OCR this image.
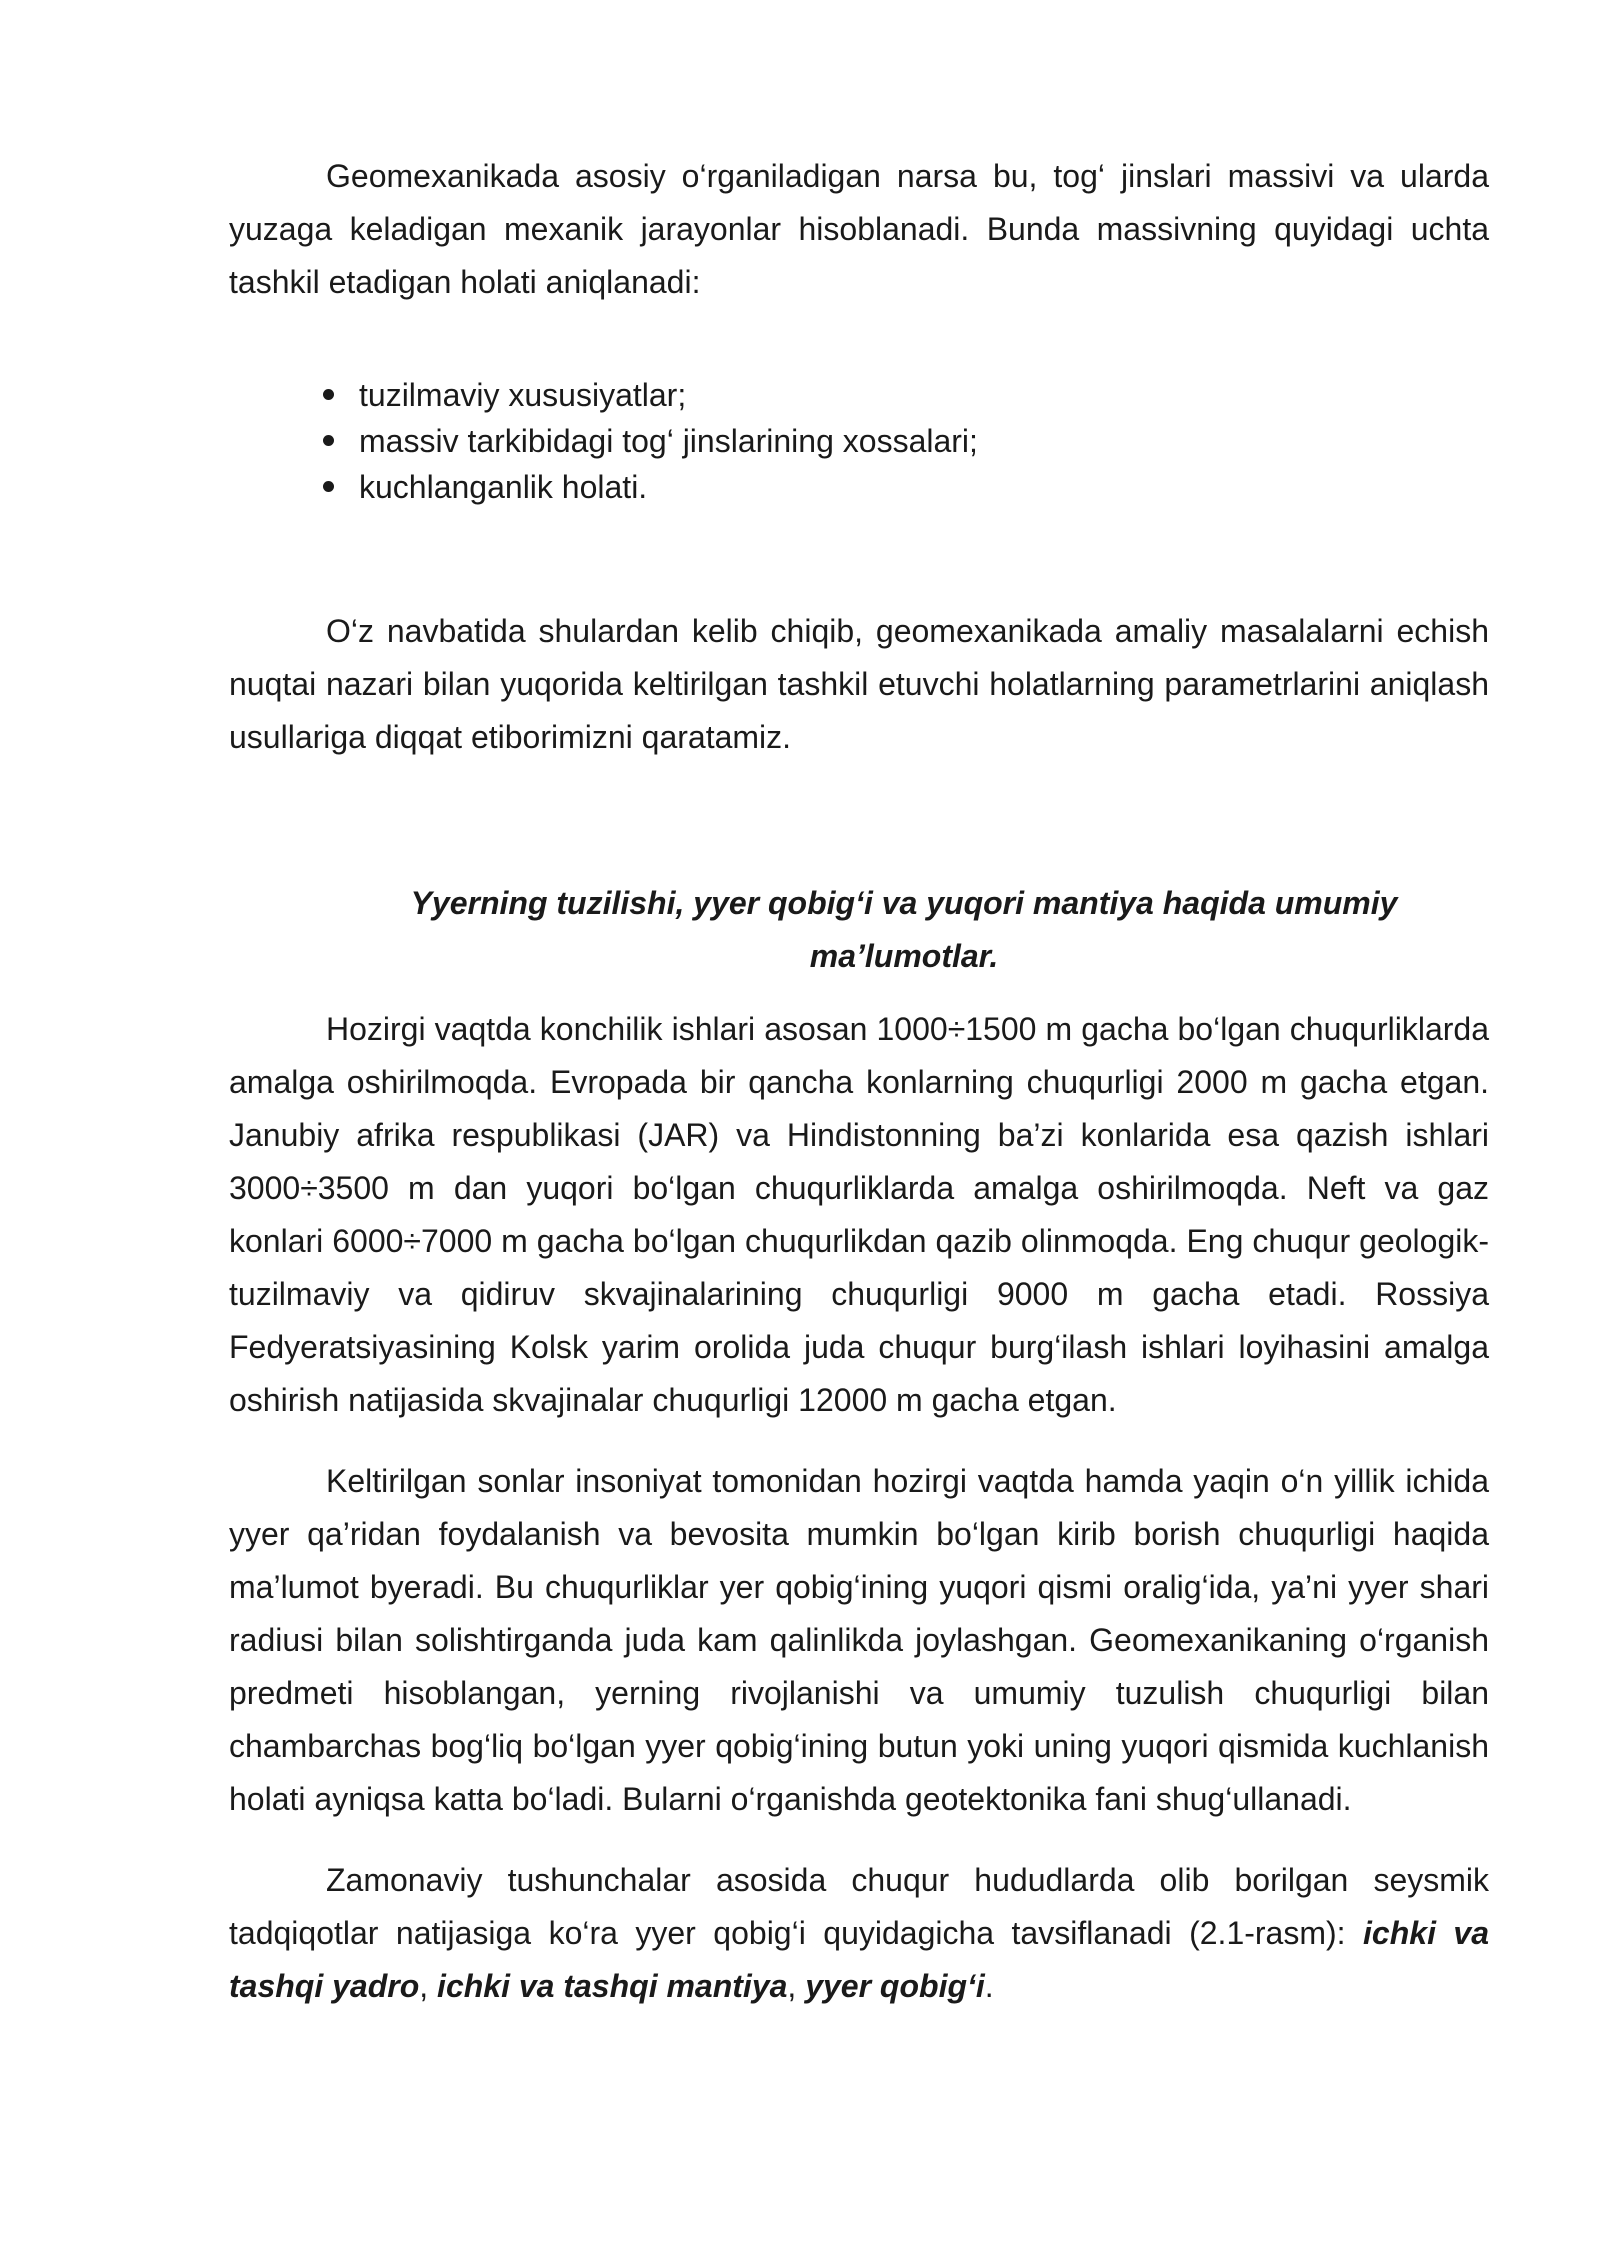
Geomexanikada asosiy o‘rganiladigan narsa bu, tog‘ jinslari massivi va ularda yuzaga keladigan mexanik jarayonlar hisoblanadi. Bunda massivning quyidagi uchta tashkil etadigan holati aniqlanadi:

tuzilmaviy xususiyatlar;
massiv tarkibidagi tog‘ jinslarining xossalari;
kuchlanganlik holati.

O‘z navbatida shulardan kelib chiqib, geomexanikada amaliy masalalarni echish nuqtai nazari bilan yuqorida keltirilgan tashkil etuvchi holatlarning parametrlarini aniqlash usullariga diqqat etiborimizni qaratamiz.

Yyerning tuzilishi, yyer qobig‘i va yuqori mantiya haqida umumiy ma’lumotlar.

Hozirgi vaqtda konchilik ishlari asosan 1000÷1500 m gacha bo‘lgan chuqurliklarda amalga oshirilmoqda. Evropada bir qancha konlarning chuqurligi 2000 m gacha etgan. Janubiy afrika respublikasi (JAR) va Hindistonning ba’zi konlarida esa qazish ishlari 3000÷3500 m dan yuqori bo‘lgan chuqurliklarda amalga oshirilmoqda. Neft va gaz konlari 6000÷7000 m gacha bo‘lgan chuqurlikdan qazib olinmoqda. Eng chuqur geologik-tuzilmaviy va qidiruv skvajinalarining chuqurligi 9000 m gacha etadi. Rossiya Fedyeratsiyasining Kolsk yarim orolida juda chuqur burg‘ilash ishlari loyihasini amalga oshirish natijasida skvajinalar chuqurligi 12000 m gacha etgan.

Keltirilgan sonlar insoniyat tomonidan hozirgi vaqtda hamda yaqin o‘n yillik ichida yyer qa’ridan foydalanish va bevosita mumkin bo‘lgan kirib borish chuqurligi haqida ma’lumot byeradi. Bu chuqurliklar yer qobig‘ining yuqori qismi oralig‘ida, ya’ni yyer shari radiusi bilan solishtirganda juda kam qalinlikda joylashgan. Geomexanikaning o‘rganish predmeti hisoblangan, yerning rivojlanishi va umumiy tuzulish chuqurligi bilan chambarchas bog‘liq bo‘lgan yyer qobig‘ining butun yoki uning yuqori qismida kuchlanish holati ayniqsa katta bo‘ladi. Bularni o‘rganishda geotektonika fani shug‘ullanadi.

Zamonaviy tushunchalar asosida chuqur hududlarda olib borilgan seysmik tadqiqotlar natijasiga ko‘ra yyer qobig‘i quyidagicha tavsiflanadi (2.1-rasm): ichki va tashqi yadro, ichki va tashqi mantiya, yyer qobig‘i.
